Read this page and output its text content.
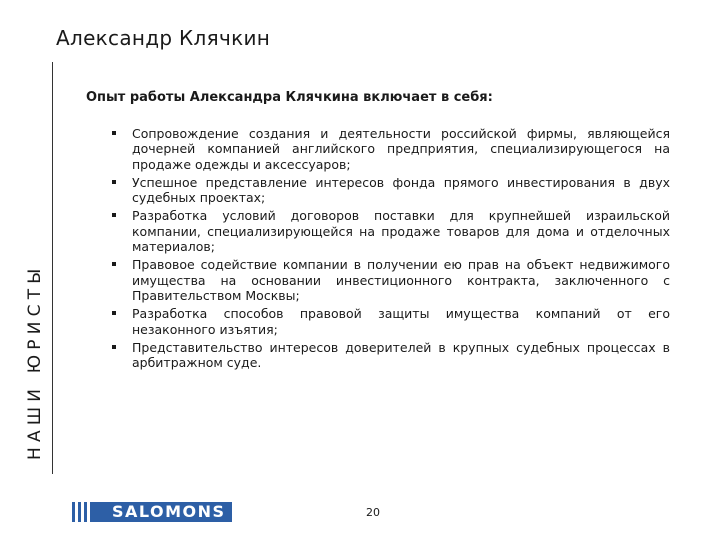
Александр Клячкин
НАШИ ЮРИСТЫ
Опыт работы Александра Клячкина включает в себя:
Сопровождение создания и деятельности российской фирмы, являющейся дочерней компанией английского предприятия, специализирующегося на продаже одежды и аксессуаров;
Успешное представление интересов фонда прямого инвестирования в двух судебных проектах;
Разработка условий договоров поставки для крупнейшей израильской компании, специализирующейся на продаже товаров для дома и отделочных материалов;
Правовое содействие компании в получении ею прав на объект недвижимого имущества на основании инвестиционного контракта, заключенного с Правительством Москвы;
Разработка способов правовой защиты имущества компаний от его незаконного изъятия;
Представительство интересов доверителей в крупных судебных процессах в арбитражном суде.
SALOMONS	20
